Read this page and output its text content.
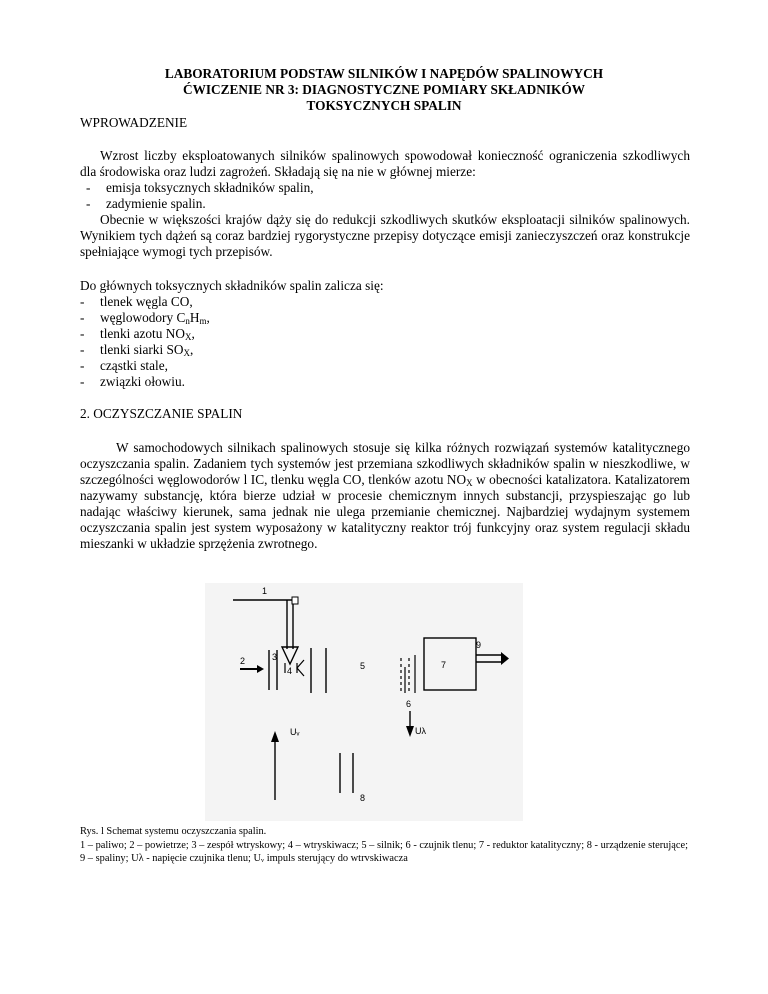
LABORATORIUM PODSTAW SILNIKÓW I NAPĘDÓW SPALINOWYCH
ĆWICZENIE NR 3: DIAGNOSTYCZNE POMIARY SKŁADNIKÓW
TOKSYCZNYCH SPALIN
WPROWADZENIE
Wzrost liczby eksploatowanych silników spalinowych spowodował konieczność ograniczenia szkodliwych dla środowiska oraz ludzi zagrożeń. Składają się na nie w głównej mierze:
- emisja toksycznych składników spalin,
- zadymienie spalin.
Obecnie w większości krajów dąży się do redukcji szkodliwych skutków eksploatacji silników spalinowych. Wynikiem tych dążeń są coraz bardziej rygorystyczne przepisy dotyczące emisji zanieczyszczeń oraz konstrukcje spełniające wymogi tych przepisów.
Do głównych toksycznych składników spalin zalicza się:
- tlenek węgla CO,
- węglowodory $C_nH_m$,
- tlenki azotu $NO_X$,
- tlenki siarki $SO_X$,
- cząstki stale,
- związki ołowiu.
2. OCZYSZCZANIE SPALIN
W samochodowych silnikach spalinowych stosuje się kilka różnych rozwiązań systemów katalitycznego oczyszczania spalin. Zadaniem tych systemów jest przemiana szkodliwych składników spalin w nieszkodliwe, w szczególności węglowodorów l IC, tlenku węgla CO, tlenków azotu $NO_X$ w obecności katalizatora. Katalizatorem nazywamy substancję, która bierze udział w procesie chemicznym innych substancji, przyspieszając go lub nadając właściwy kierunek, sama jednak nie ulega przemianie chemicznej. Najbardziej wydajnym systemem oczyszczania spalin jest system wyposażony w katalityczny reaktor trój funkcyjny oraz system regulacji składu mieszanki w układzie sprzężenia zwrotnego.
1
2	3
4	5
6
7
9
Uᵥ	Uλ
8
Rys. l Schemat systemu oczyszczania spalin.
1 – paliwo; 2 – powietrze; 3 – zespół wtryskowy; 4 – wtryskiwacz; 5 – silnik; 6 - czujnik tlenu; 7 - reduktor katalityczny; 8 - urządzenie sterujące; 9 – spaliny; Uλ - napięcie czujnika tlenu; Uᵥ impuls sterujący do wtrvskiwacza
